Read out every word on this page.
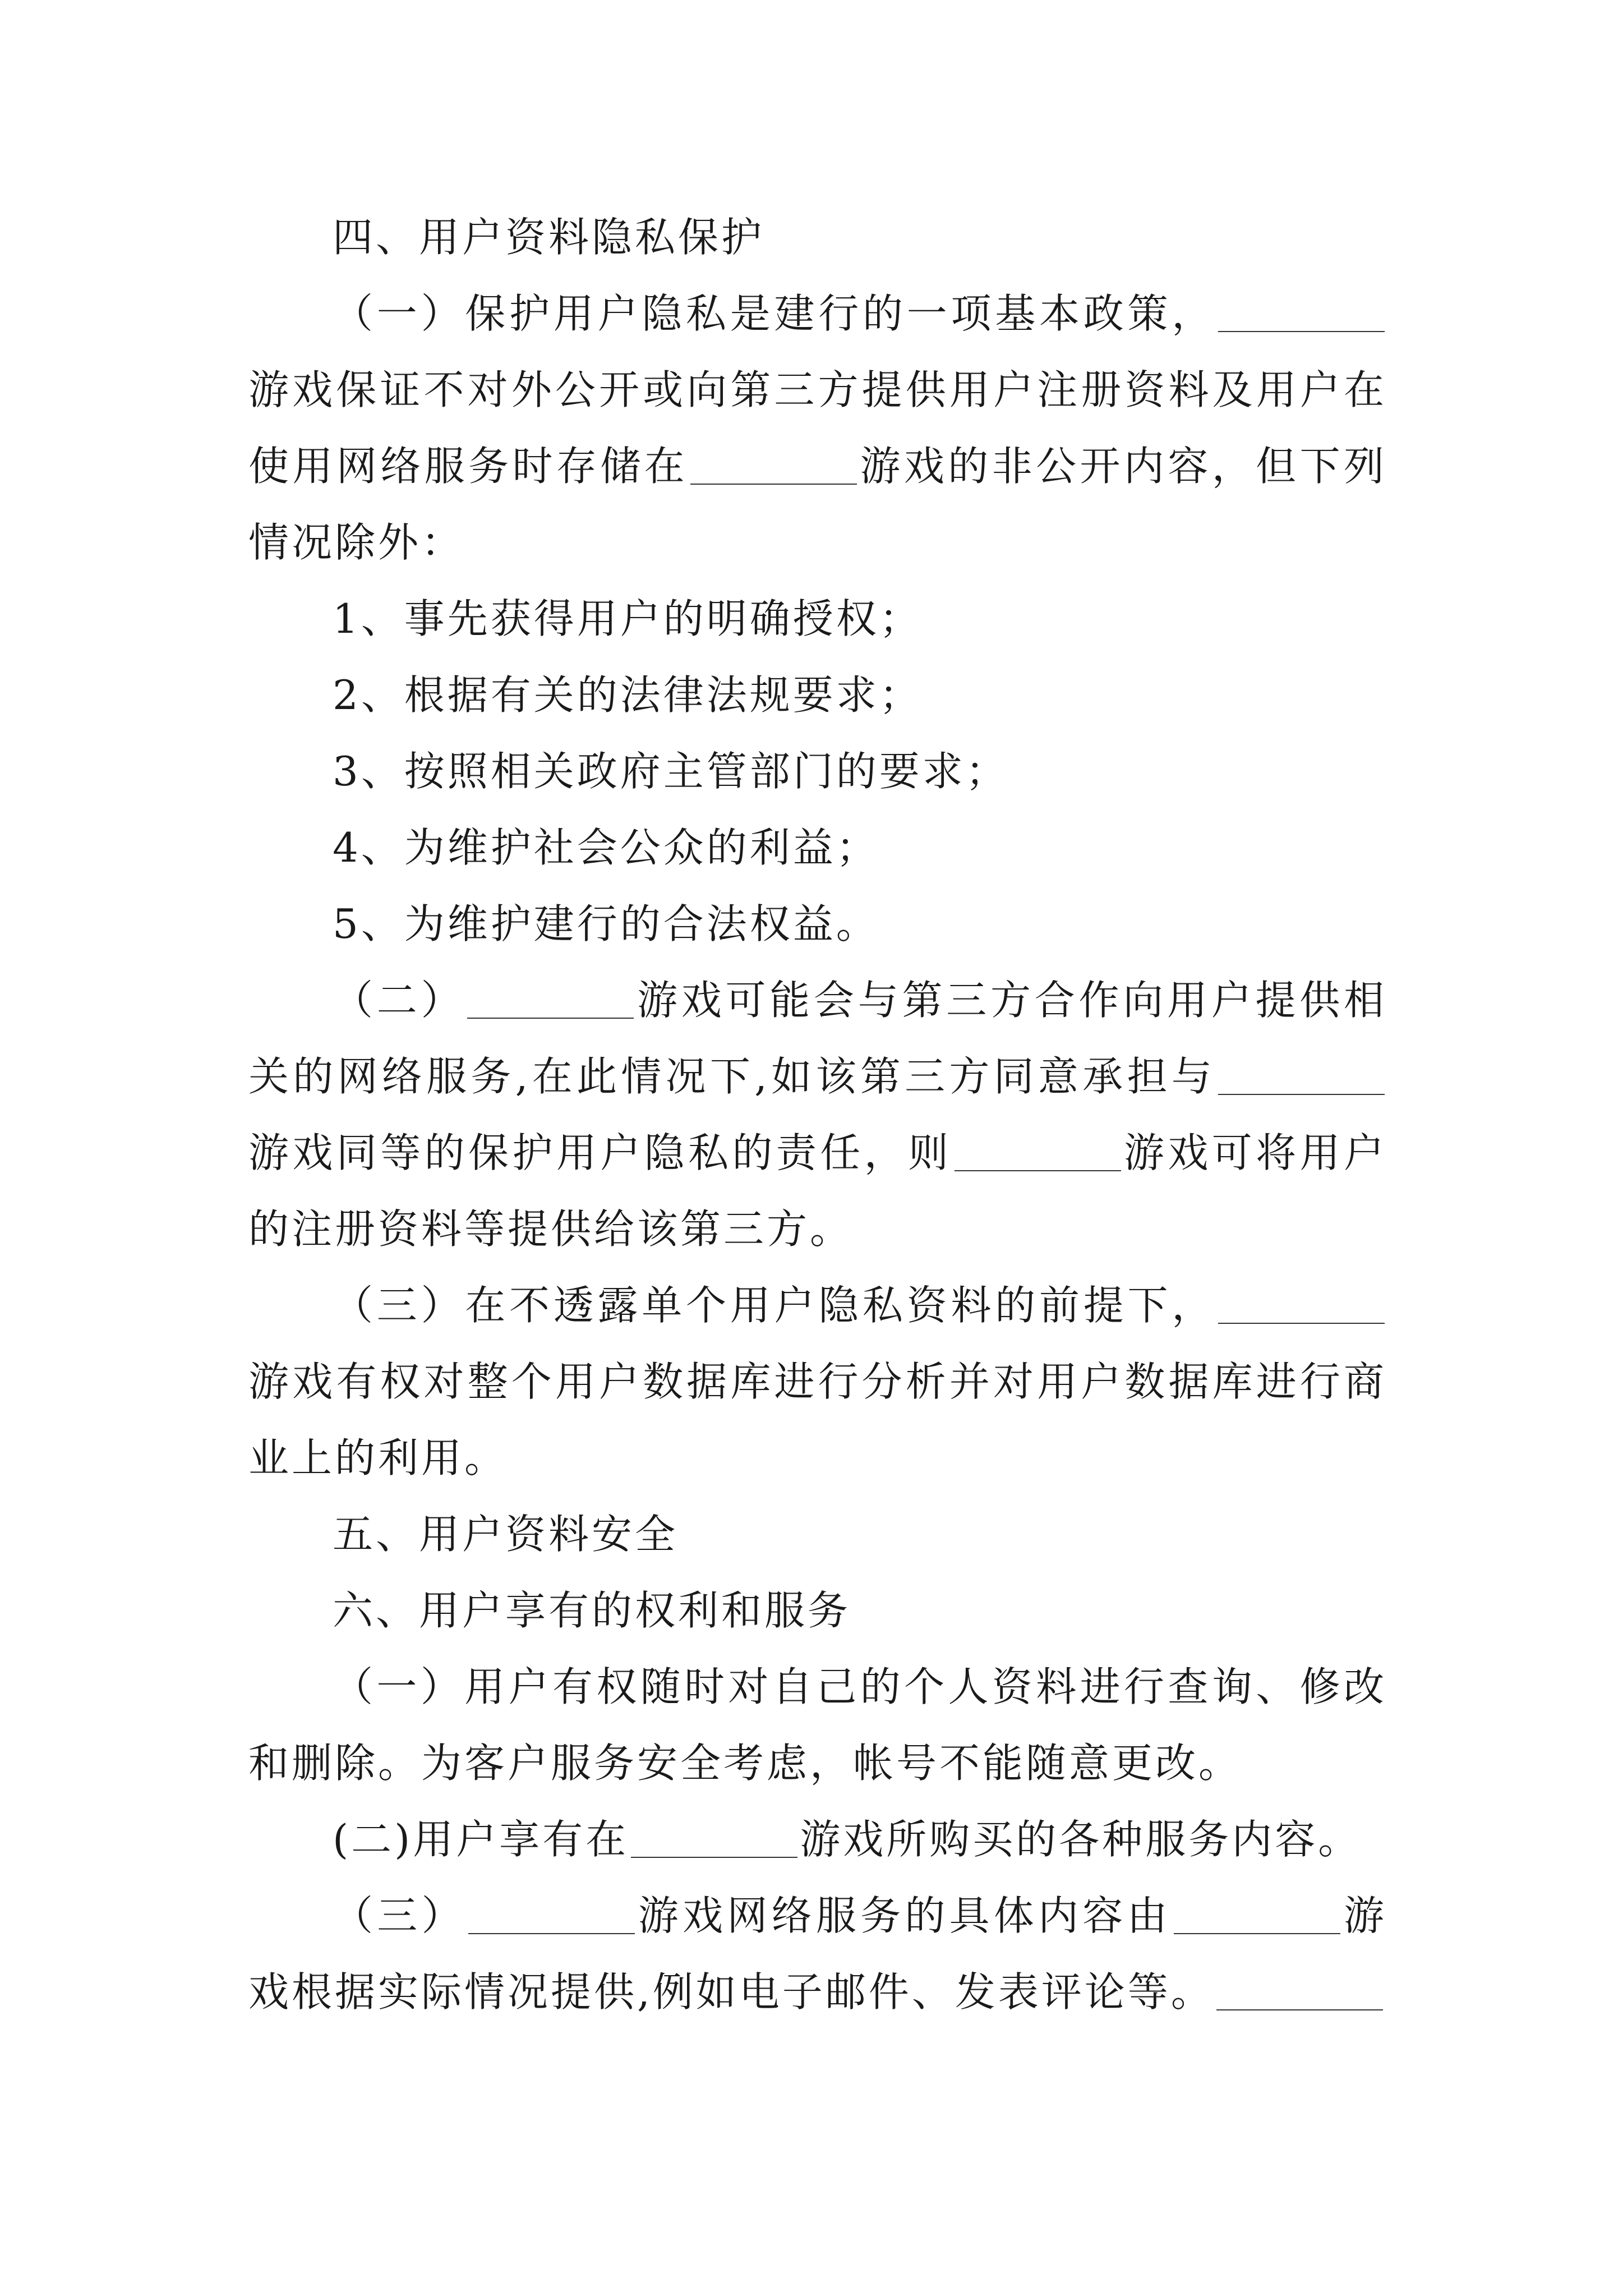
四、用户资料隐私保护

（一）保护用户隐私是建行的一项基本政策，游戏保证不对外公开或向第三方提供用户注册资料及用户在使用网络服务时存储在	游戏的非公开内容，但下列情况除外：

1、事先获得用户的明确授权；

2、根据有关的法律法规要求；

3、按照相关政府主管部门的要求；

4、为维护社会公众的利益；

5、为维护建行的合法权益。

（二）	游戏可能会与第三方合作向用户提供相关的网络服务,在此情况下,如该第三方同意承担与游戏同等的保护用户隐私的责任，则	游戏可将用户的注册资料等提供给该第三方。

（三）在不透露单个用户隐私资料的前提下，游戏有权对整个用户数据库进行分析并对用户数据库进行商业上的利用。

五、用户资料安全

六、用户享有的权利和服务

（一）用户有权随时对自己的个人资料进行查询、修改和删除。为客户服务安全考虑，帐号不能随意更改。

(二)用户享有在	游戏所购买的各种服务内容。

（三）	游戏网络服务的具体内容由	游戏根据实际情况提供,例如电子邮件、发表评论等。
